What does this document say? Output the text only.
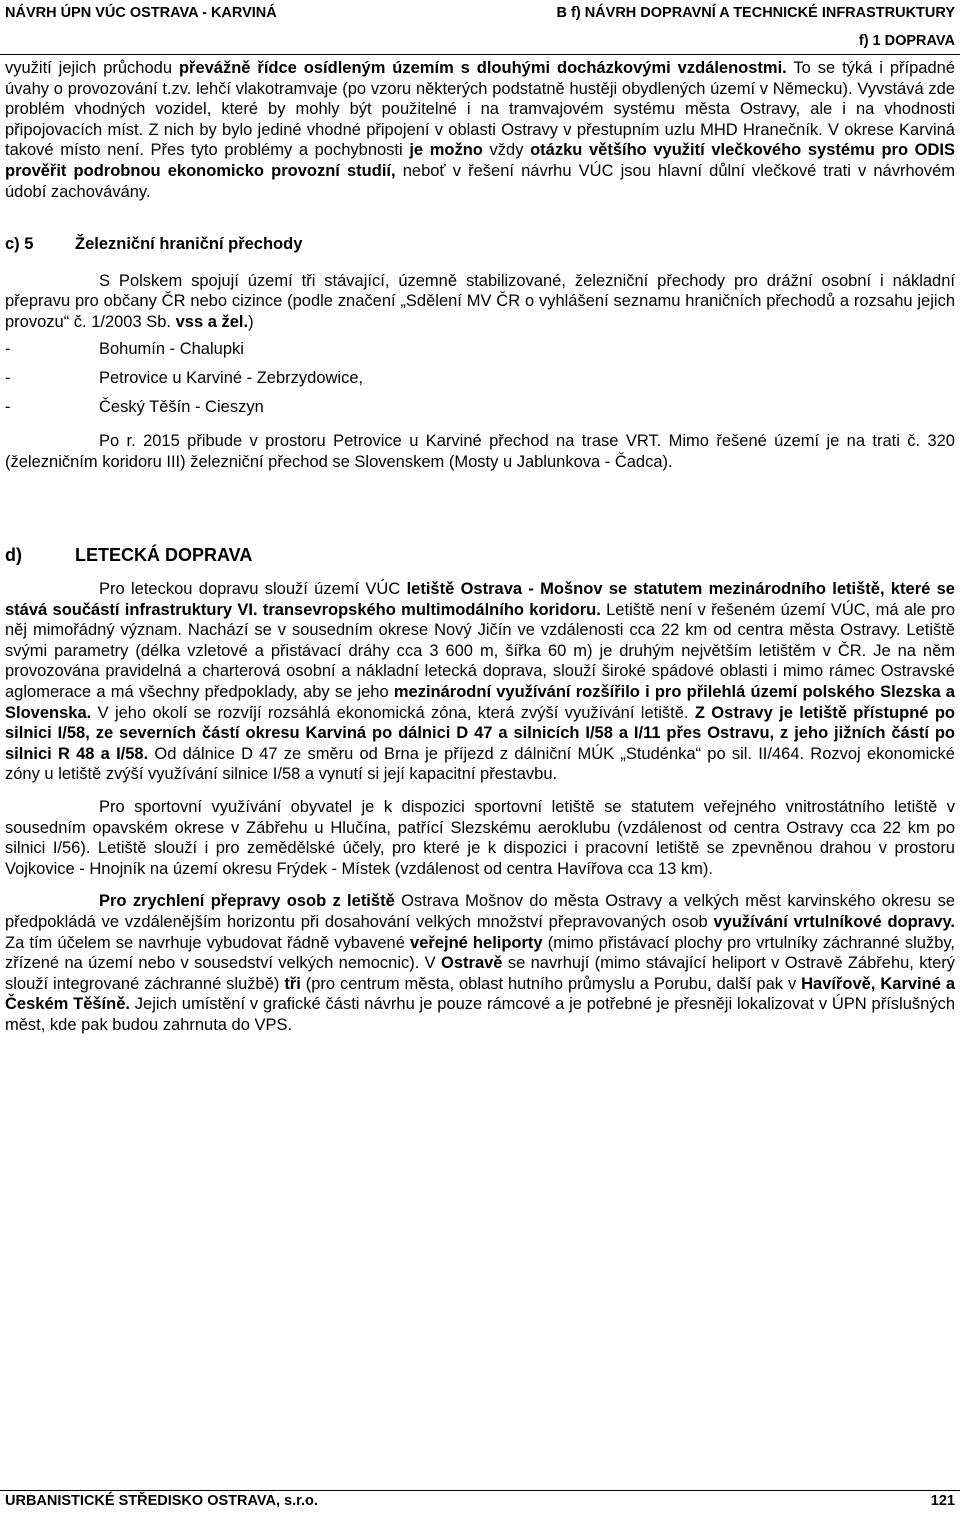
NÁVRH ÚPN VÚC OSTRAVA - KARVINÁ	B f) NÁVRH DOPRAVNÍ A TECHNICKÉ INFRASTRUKTURY
f) 1 DOPRAVA

využití jejich průchodu převážně řídce osídleným územím s dlouhými docházkovými vzdálenostmi. To se týká i případné úvahy o provozování t.zv. lehčí vlakotramvaje (po vzoru některých podstatně hustěji obydlených území v Německu). Vyvstává zde problém vhodných vozidel, které by mohly být použitelné i na tramvajovém systému města Ostravy, ale i na vhodnosti připojovacích míst. Z nich by bylo jediné vhodné připojení v oblasti Ostravy v přestupním uzlu MHD Hranečník. V okrese Karviná takové místo není. Přes tyto problémy a pochybnosti je možno vždy otázku většího využití vlečkového systému pro ODIS prověřit podrobnou ekonomicko provozní studií, neboť v řešení návrhu VÚC jsou hlavní důlní vlečkové trati v návrhovém údobí zachovávány.

c) 5	Železniční hraniční přechody

S Polskem spojují území tři stávající, územně stabilizované, železniční přechody pro drážní osobní i nákladní přepravu pro občany ČR nebo cizince (podle značení „Sdělení MV ČR o vyhlášení seznamu hraničních přechodů a rozsahu jejich provozu“ č. 1/2003 Sb. vss a žel.)

-	Bohumín - Chalupki
-	Petrovice u Karviné - Zebrzydowice,
-	Český Těšín - Cieszyn

Po r. 2015 přibude v prostoru Petrovice u Karviné přechod na trase VRT. Mimo řešené území je na trati č. 320 (železničním koridoru III) železniční přechod se Slovenskem (Mosty u Jablunkova - Čadca).

d)	LETECKÁ DOPRAVA

Pro leteckou dopravu slouží území VÚC letiště Ostrava - Mošnov se statutem mezinárodního letiště, které se stává součástí infrastruktury VI. transevropského multimodálního koridoru. Letiště není v řešeném území VÚC, má ale pro něj mimořádný význam. Nachází se v sousedním okrese Nový Jičín ve vzdálenosti cca 22 km od centra města Ostravy. Letiště svými parametry (délka vzletové a přistávací dráhy cca 3 600 m, šířka 60 m) je druhým největším letištěm v ČR. Je na něm provozována pravidelná a charterová osobní a nákladní letecká doprava, slouží široké spádové oblasti i mimo rámec Ostravské aglomerace a má všechny předpoklady, aby se jeho mezinárodní využívání rozšířilo i pro přilehlá území polského Slezska a Slovenska. V jeho okolí se rozvíjí rozsáhlá ekonomická zóna, která zvýší využívání letiště. Z Ostravy je letiště přístupné po silnici I/58, ze severních částí okresu Karviná po dálnici D 47 a silnicích I/58 a I/11 přes Ostravu, z jeho jižních částí po silnici R 48 a I/58. Od dálnice D 47 ze směru od Brna je příjezd z dálniční MÚK „Studénka“ po sil. II/464. Rozvoj ekonomické zóny u letiště zvýší využívání silnice I/58 a vynutí si její kapacitní přestavbu.

Pro sportovní využívání obyvatel je k dispozici sportovní letiště se statutem veřejného vnitrostátního letiště v sousedním opavském okrese v Zábřehu u Hlučína, patřící Slezskému aeroklubu (vzdálenost od centra Ostravy cca 22 km po silnici I/56). Letiště slouží i pro zemědělské účely, pro které je k dispozici i pracovní letiště se zpevněnou drahou v prostoru Vojkovice - Hnojník na území okresu Frýdek - Místek (vzdálenost od centra Havířova cca 13 km).

Pro zrychlení přepravy osob z letiště Ostrava Mošnov do města Ostravy a velkých měst karvinského okresu se předpokládá ve vzdálenějším horizontu při dosahování velkých množství přepravovaných osob využívání vrtulníkové dopravy. Za tím účelem se navrhuje vybudovat řádně vybavené veřejné heliporty (mimo přistávací plochy pro vrtulníky záchranné služby, zřízené na území nebo v sousedství velkých nemocnic). V Ostravě se navrhují (mimo stávající heliport v Ostravě Zábřehu, který slouží integrované záchranné službě) tři (pro centrum města, oblast hutního průmyslu a Porubu, další pak v Havířově, Karviné a Českém Těšíně. Jejich umístění v grafické části návrhu je pouze rámcové a je potřebné je přesněji lokalizovat v ÚPN příslušných měst, kde pak budou zahrnuta do VPS.

URBANISTICKÉ STŘEDISKO OSTRAVA, s.r.o.	121
